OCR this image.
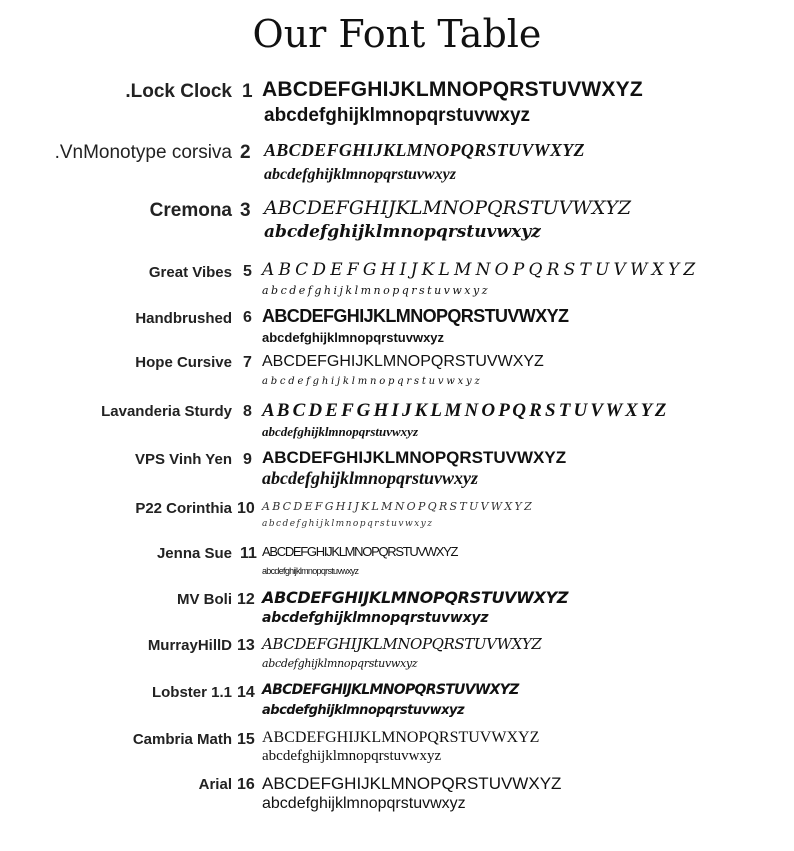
Our Font Table
.Lock Clock 1 ABCDEFGHIJKLMNOPQRSTUVWXYZ
abcdefghijklmnopqrstuvwxyz
.VnMonotype corsiva 2 ABCDEFGHIJKLMNOPQRSTUVWXYZ
abcdefghijklmnopqrstuvwxyz
Cremona 3 ABCDEFGHIJKLMNOPQRSTUVWXYZ
abcdefghijklmnopqrstuvwxyz
Great Vibes 5 A B C D E F G H I J K L M N O P Q R S T U V W X Y Z
a b c d e f g h i j k l m n o p q r s t u v w x y z
Handbrushed 6 ABCDEFGHIJKLMNOPQRSTUVWXYZ
abcdefghijklmnopqrstuvwxyz
Hope Cursive 7 ABCDEFGHIJKLMNOPQRSTUVWXYZ
a b c d e f g h i j k l m n o p q r s t u v w x y z
Lavanderia Sturdy 8 A B C D E F G H I J K L M N O P Q R S T U V W X Y Z
abcdefghijklmnopqrstuvwxyz
VPS Vinh Yen 9 ABCDEFGHIJKLMNOPQRSTUVWXYZ
abcdefghijklmnopqrstuvwxyz
P22 Corinthia 10 A B C D E F G H I J K L M N O P Q R S T U V W X Y Z
a b c d e f g h i j k l m n o p q r s t u v w x y z
Jenna Sue 11 ABCDEFGHIJKLMNOPQRSTUVWXYZ
abcdefghijklmnopqrstuvwxyz
MV Boli 12 ABCDEFGHIJKLMNOPQRSTUVWXYZ
abcdefghijklmnopqrstuvwxyz
MurrayHillD 13 ABCDEFGHIJKLMNOPQRSTUVWXYZ
abcdefghijklmnopqrstuvwxyz
Lobster 1.1 14 ABCDEFGHIJKLMNOPQRSTUVWXYZ
abcdefghijklmnopqrstuvwxyz
Cambria Math 15 ABCDEFGHIJKLMNOPQRSTUVWXYZ
abcdefghijklmnopqrstuvwxyz
Arial 16 ABCDEFGHIJKLMNOPQRSTUVWXYZ
abcdefghijklmnopqrstuvwxyz
